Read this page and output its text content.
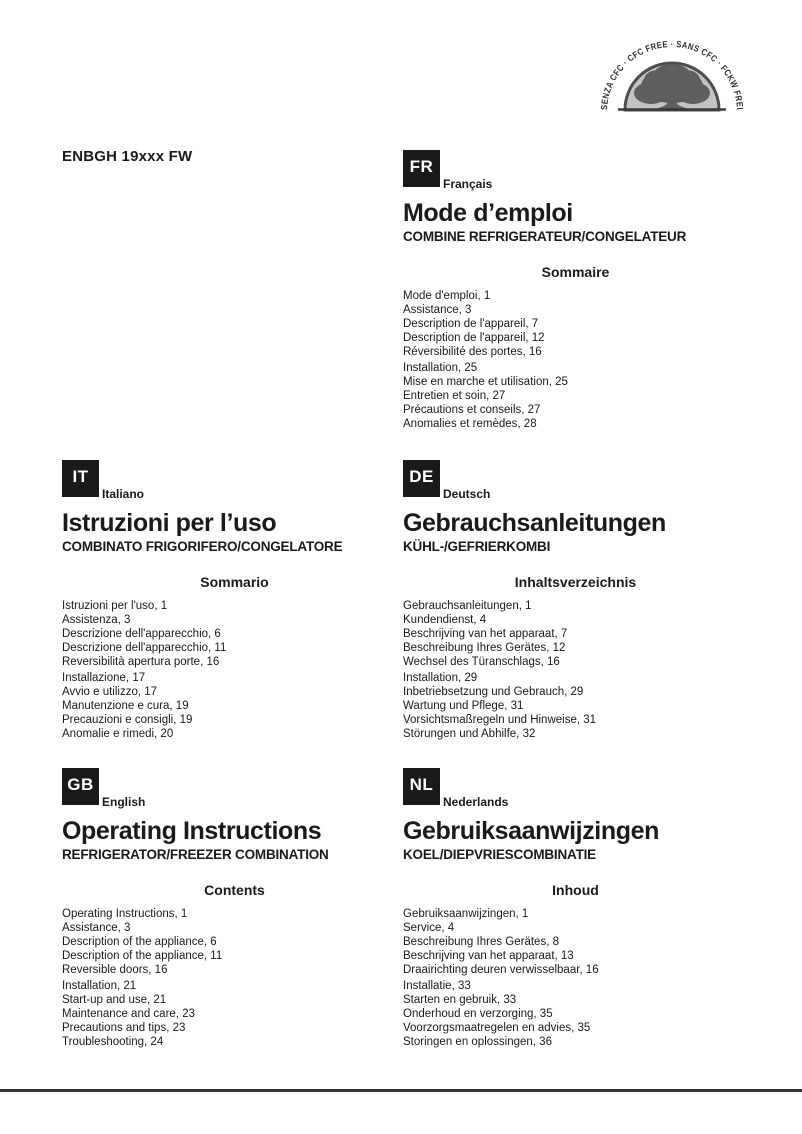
SENZA CFC · CFC FREE · SANS CFC · FCKW FREI
ENBGH 19xxx FW	FR
Français
Mode d’emploi
COMBINE REFRIGERATEUR/CONGELATEUR
Sommaire
Mode d'emploi, 1
Assistance, 3
Description de l'appareil, 7
Description de l'appareil, 12
Réversibilité des portes, 16
Installation, 25
Mise en marche et utilisation, 25
Entretien et soin, 27
Précautions et conseils, 27
Anomalies et remèdes, 28
IT
Italiano
Istruzioni per l’uso
COMBINATO FRIGORIFERO/CONGELATORE
Sommario
Istruzioni per l'uso, 1
Assistenza, 3
Descrizione dell'apparecchio, 6
Descrizione dell'apparecchio, 11
Reversibilità apertura porte, 16
Installazione, 17
Avvio e utilizzo, 17
Manutenzione e cura, 19
Precauzioni e consigli, 19
Anomalie e rimedi, 20
DE
Deutsch
Gebrauchsanleitungen
KÜHL-/GEFRIERKOMBI
Inhaltsverzeichnis
Gebrauchsanleitungen, 1
Kundendienst, 4
Beschrijving van het apparaat, 7
Beschreibung Ihres Gerätes, 12
Wechsel des Türanschlags, 16
Installation, 29
Inbetriebsetzung und Gebrauch, 29
Wartung und Pflege, 31
Vorsichtsmaßregeln und Hinweise, 31
Störungen und Abhilfe, 32
GB
English
Operating Instructions
REFRIGERATOR/FREEZER COMBINATION
Contents
Operating Instructions, 1
Assistance, 3
Description of the appliance, 6
Description of the appliance, 11
Reversible doors, 16
Installation, 21
Start-up and use, 21
Maintenance and care, 23
Precautions and tips, 23
Troubleshooting, 24
NL
Nederlands
Gebruiksaanwijzingen
KOEL/DIEPVRIESCOMBINATIE
Inhoud
Gebruiksaanwijzingen, 1
Service, 4
Beschreibung Ihres Gerätes, 8
Beschrijving van het apparaat, 13
Draairichting deuren verwisselbaar, 16
Installatie, 33
Starten en gebruik, 33
Onderhoud en verzorging, 35
Voorzorgsmaatregelen en advies, 35
Storingen en oplossingen, 36
